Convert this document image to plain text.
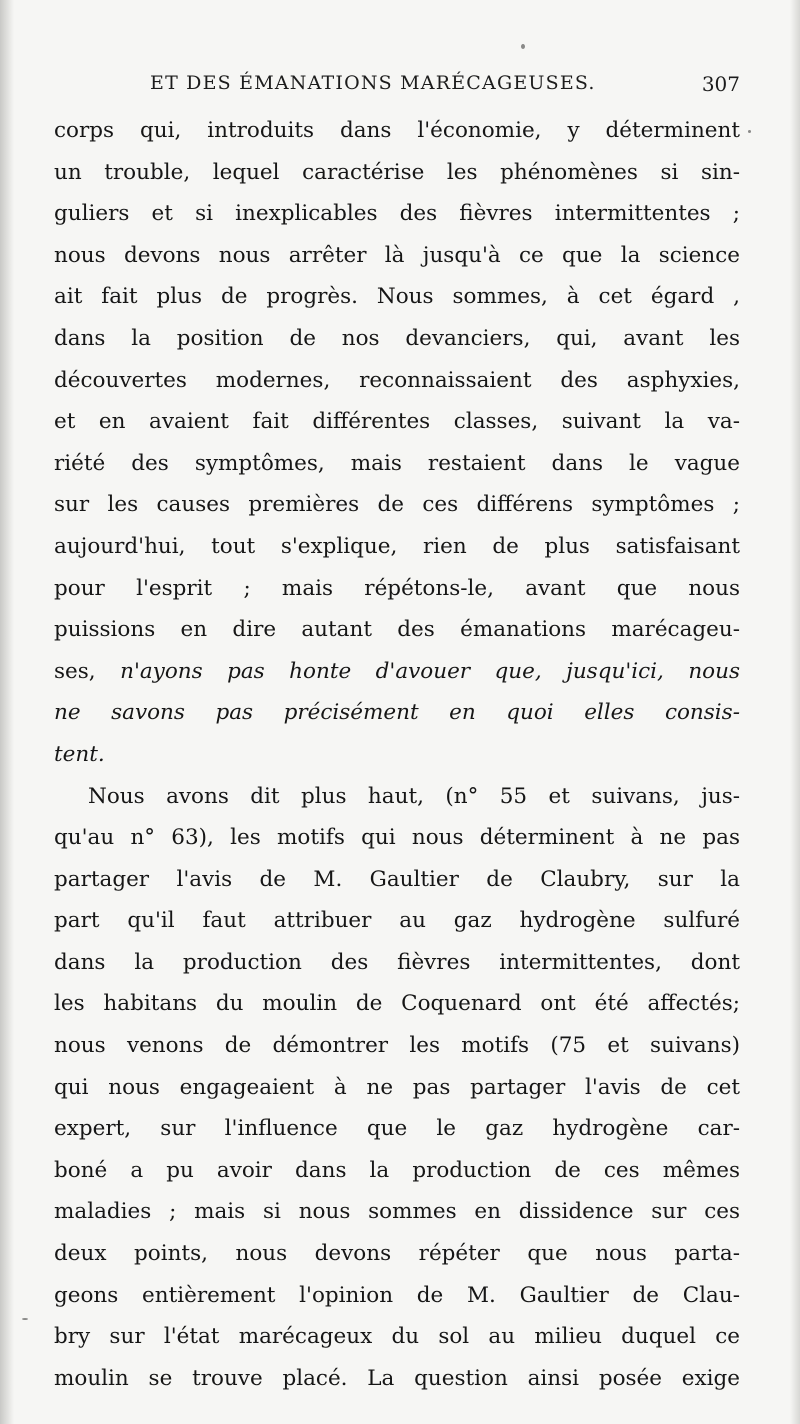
ET DES ÉMANATIONS MARÉCAGEUSES.	307
corps qui, introduits dans l'économie, y déterminent
un trouble, lequel caractérise les phénomènes si sin-
guliers et si inexplicables des fièvres intermittentes ;
nous devons nous arrêter là jusqu'à ce que la science
ait fait plus de progrès. Nous sommes, à cet égard ,
dans la position de nos devanciers, qui, avant les
découvertes modernes, reconnaissaient des asphyxies,
et en avaient fait différentes classes, suivant la va-
riété des symptômes, mais restaient dans le vague
sur les causes premières de ces différens symptômes ;
aujourd'hui, tout s'explique, rien de plus satisfaisant
pour l'esprit ; mais répétons-le, avant que nous
puissions en dire autant des émanations marécageu-
ses, n'ayons pas honte d'avouer que, jusqu'ici, nous
ne savons pas précisément en quoi elles consis-
tent.
Nous avons dit plus haut, (n° 55 et suivans, jus-
qu'au n° 63), les motifs qui nous déterminent à ne pas
partager l'avis de M. Gaultier de Claubry, sur la
part qu'il faut attribuer au gaz hydrogène sulfuré
dans la production des fièvres intermittentes, dont
les habitans du moulin de Coquenard ont été affectés;
nous venons de démontrer les motifs (75 et suivans)
qui nous engageaient à ne pas partager l'avis de cet
expert, sur l'influence que le gaz hydrogène car-
boné a pu avoir dans la production de ces mêmes
maladies ; mais si nous sommes en dissidence sur ces
deux points, nous devons répéter que nous parta-
geons entièrement l'opinion de M. Gaultier de Clau-
bry sur l'état marécageux du sol au milieu duquel ce
moulin se trouve placé. La question ainsi posée exige
